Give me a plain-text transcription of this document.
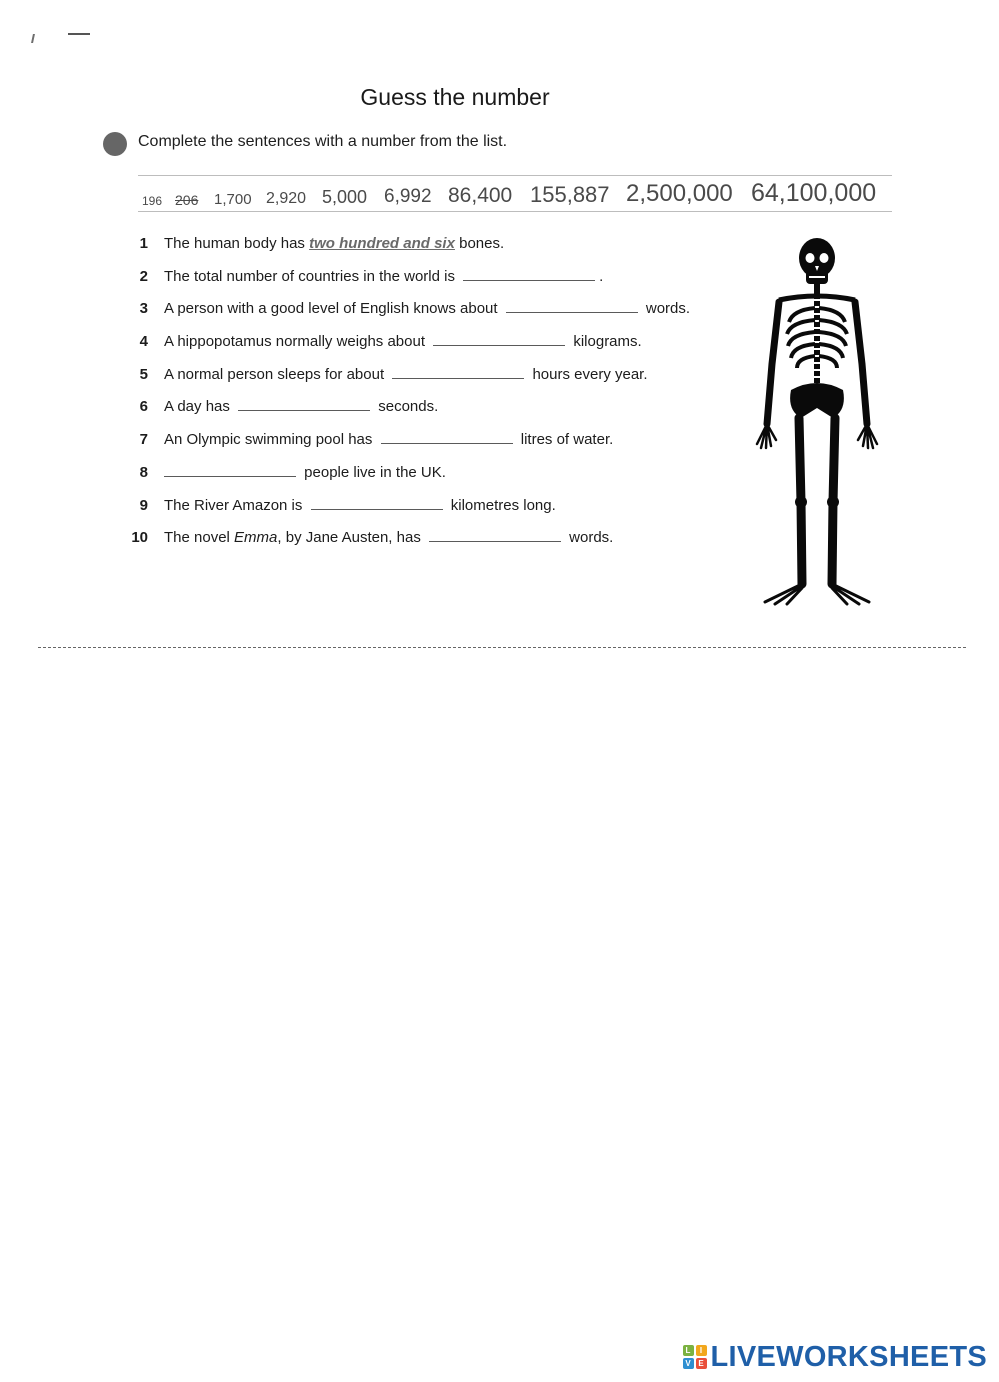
Guess the number
Complete the sentences with a number from the list.
196 206 1,700 2,920 5,000 6,992 86,400 155,887 2,500,000 64,100,000
1 The human body has two hundred and six bones.
2 The total number of countries in the world is	.
3 A person with a good level of English knows about	words.
4 A hippopotamus normally weighs about	kilograms.
5 A normal person sleeps for about	hours every year.
6 A day has	seconds.
7 An Olympic swimming pool has	litres of water.
8	people live in the UK.
9 The River Amazon is	kilometres long.
10 The novel Emma, by Jane Austen, has	words.
L	I
V E LIVEWORKSHEETS
